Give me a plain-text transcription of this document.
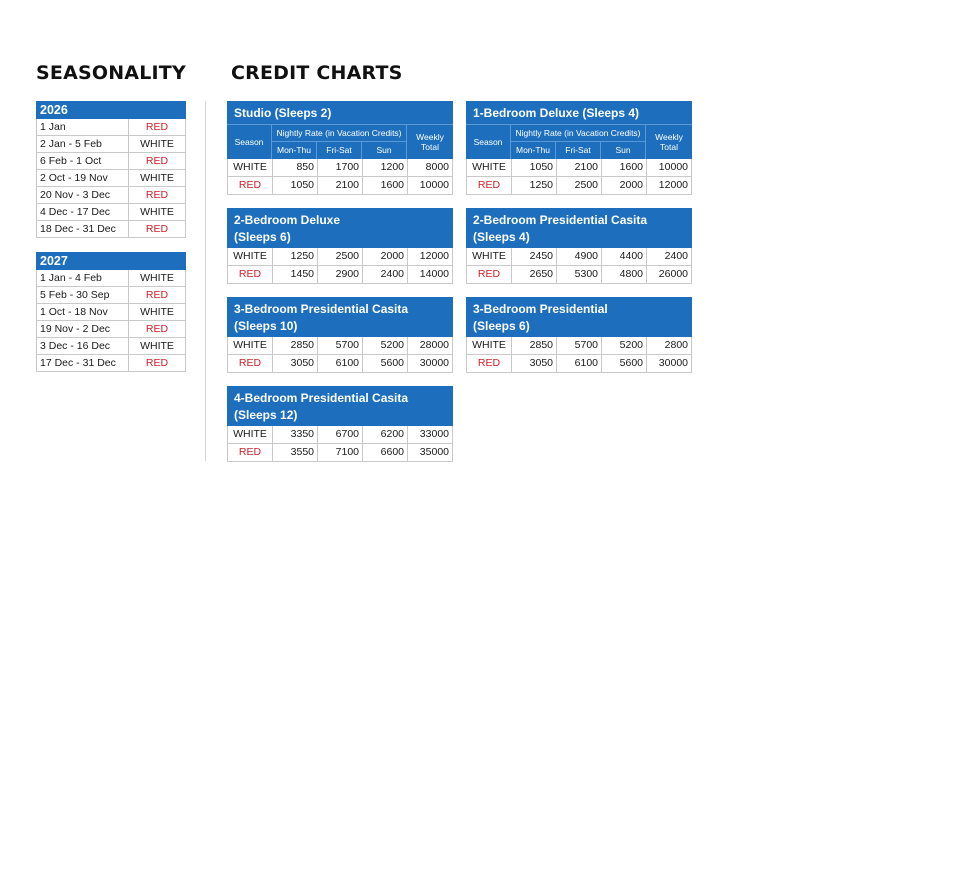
SEASONALITY CREDIT CHARTS
2026
1 Jan	RED
2 Jan - 5 Feb	WHITE
6 Feb - 1 Oct	RED
2 Oct - 19 Nov	WHITE
20 Nov - 3 Dec	RED
4 Dec - 17 Dec	WHITE
18 Dec - 31 Dec	RED
2027
1 Jan - 4 Feb	WHITE
5 Feb - 30 Sep	RED
1 Oct - 18 Nov	WHITE
19 Nov - 2 Dec	RED
3 Dec - 16 Dec	WHITE
17 Dec - 31 Dec	RED
Studio (Sleeps 2)
Season
Nightly Rate (in Vacation Credits)
Mon-Thu	Fri-Sat	Sun
Weekly
Total
WHITE	850	1700	1200	8000
RED	1050	2100	1600	10000
1-Bedroom Deluxe (Sleeps 4)
Season
Nightly Rate (in Vacation Credits)
Mon-Thu	Fri-Sat	Sun
Weekly
Total
WHITE	1050	2100	1600	10000
RED	1250	2500	2000	12000
2-Bedroom Deluxe
(Sleeps 6)
WHITE	1250	2500	2000	12000
RED	1450	2900	2400	14000
2-Bedroom Presidential Casita
(Sleeps 4)
WHITE	2450	4900	4400	2400
RED	2650	5300	4800	26000
3-Bedroom Presidential Casita
(Sleeps 10)
WHITE	2850	5700	5200	28000
RED	3050	6100	5600	30000
3-Bedroom Presidential
(Sleeps 6)
WHITE	2850	5700	5200	2800
RED	3050	6100	5600	30000
4-Bedroom Presidential Casita
(Sleeps 12)
WHITE	3350	6700	6200	33000
RED	3550	7100	6600	35000
